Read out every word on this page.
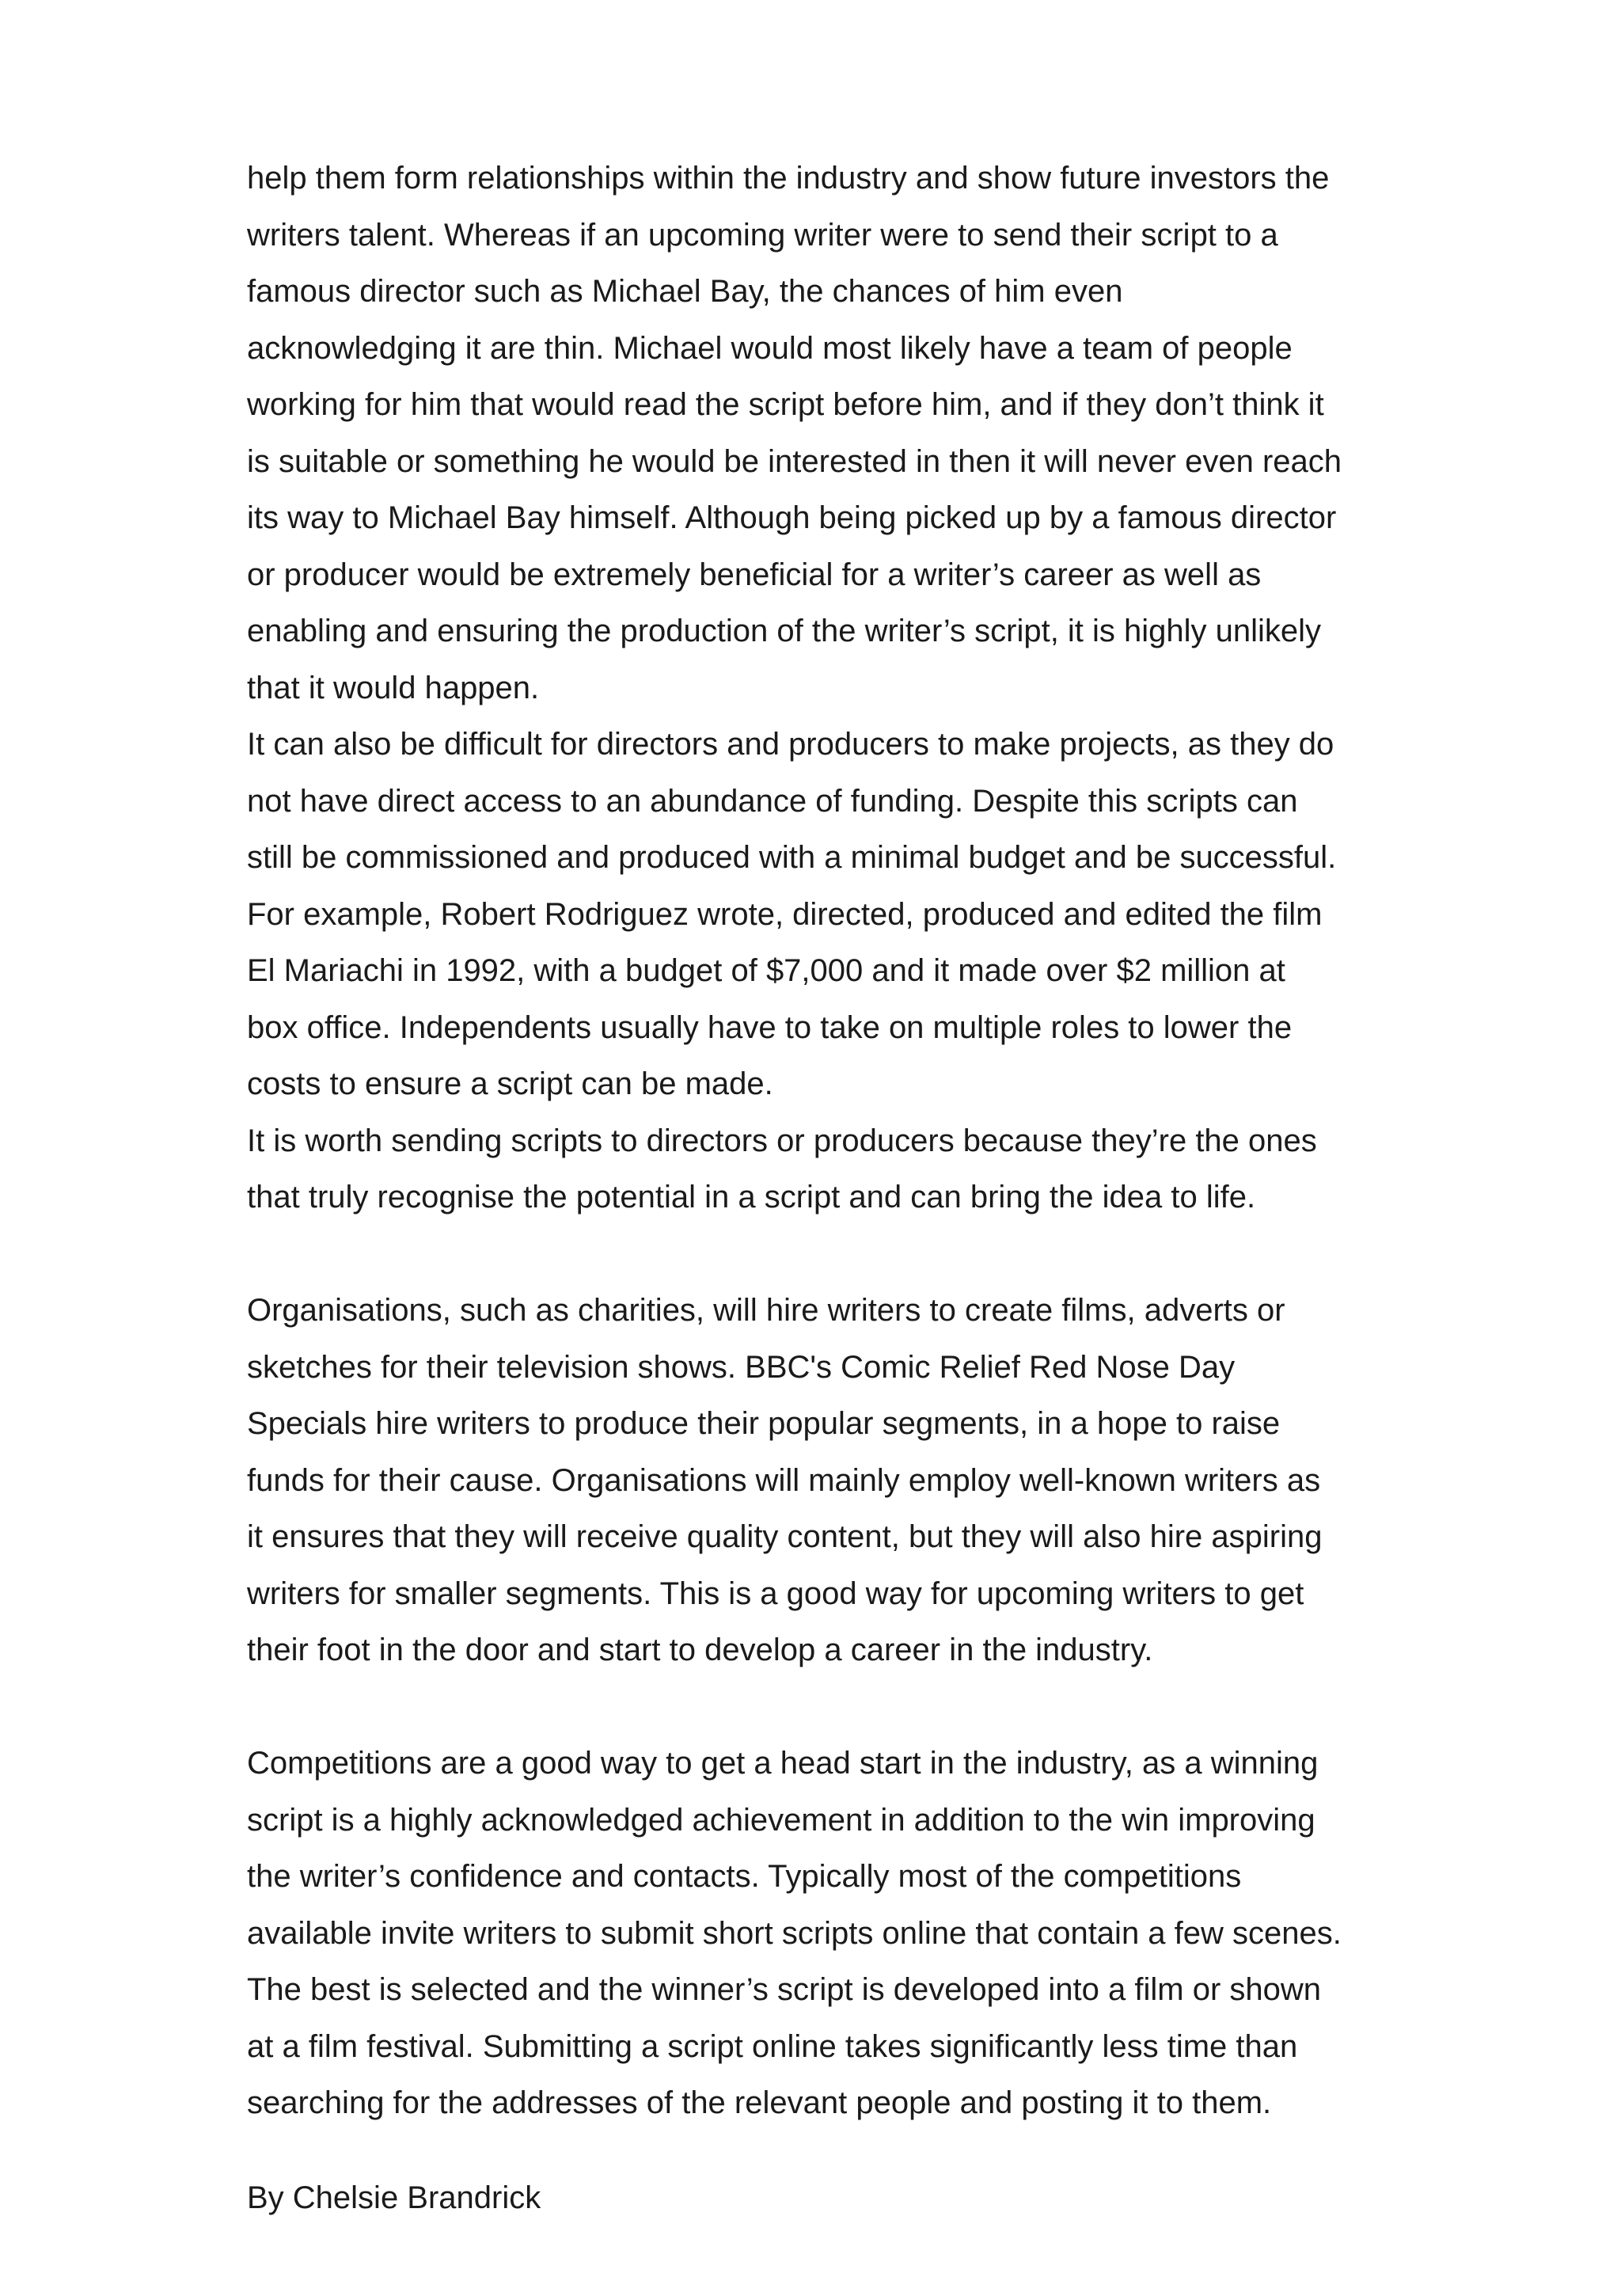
help them form relationships within the industry and show future investors the
writers talent. Whereas if an upcoming writer were to send their script to a
famous director such as Michael Bay, the chances of him even
acknowledging it are thin. Michael would most likely have a team of people
working for him that would read the script before him, and if they don’t think it
is suitable or something he would be interested in then it will never even reach
its way to Michael Bay himself. Although being picked up by a famous director
or producer would be extremely beneficial for a writer’s career as well as
enabling and ensuring the production of the writer’s script, it is highly unlikely
that it would happen.
It can also be difficult for directors and producers to make projects, as they do
not have direct access to an abundance of funding. Despite this scripts can
still be commissioned and produced with a minimal budget and be successful.
For example, Robert Rodriguez wrote, directed, produced and edited the film
El Mariachi in 1992, with a budget of $7,000 and it made over $2 million at
box office. Independents usually have to take on multiple roles to lower the
costs to ensure a script can be made.
It is worth sending scripts to directors or producers because they’re the ones
that truly recognise the potential in a script and can bring the idea to life.
Organisations, such as charities, will hire writers to create films, adverts or
sketches for their television shows. BBC's Comic Relief Red Nose Day
Specials hire writers to produce their popular segments, in a hope to raise
funds for their cause. Organisations will mainly employ well-known writers as
it ensures that they will receive quality content, but they will also hire aspiring
writers for smaller segments. This is a good way for upcoming writers to get
their foot in the door and start to develop a career in the industry.
Competitions are a good way to get a head start in the industry, as a winning
script is a highly acknowledged achievement in addition to the win improving
the writer’s confidence and contacts. Typically most of the competitions
available invite writers to submit short scripts online that contain a few scenes.
The best is selected and the winner’s script is developed into a film or shown
at a film festival. Submitting a script online takes significantly less time than
searching for the addresses of the relevant people and posting it to them.
By Chelsie Brandrick
